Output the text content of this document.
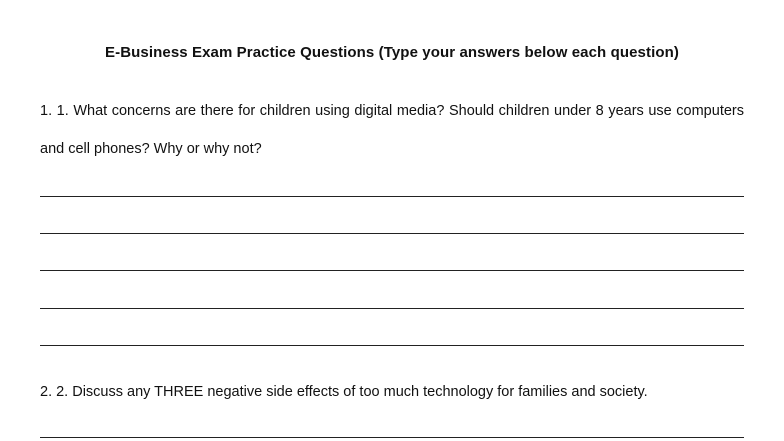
E-Business Exam Practice Questions (Type your answers below each question)
1. 1. What concerns are there for children using digital media? Should children under 8 years use computers and cell phones? Why or why not?
2. 2. Discuss any THREE negative side effects of too much technology for families and society.
